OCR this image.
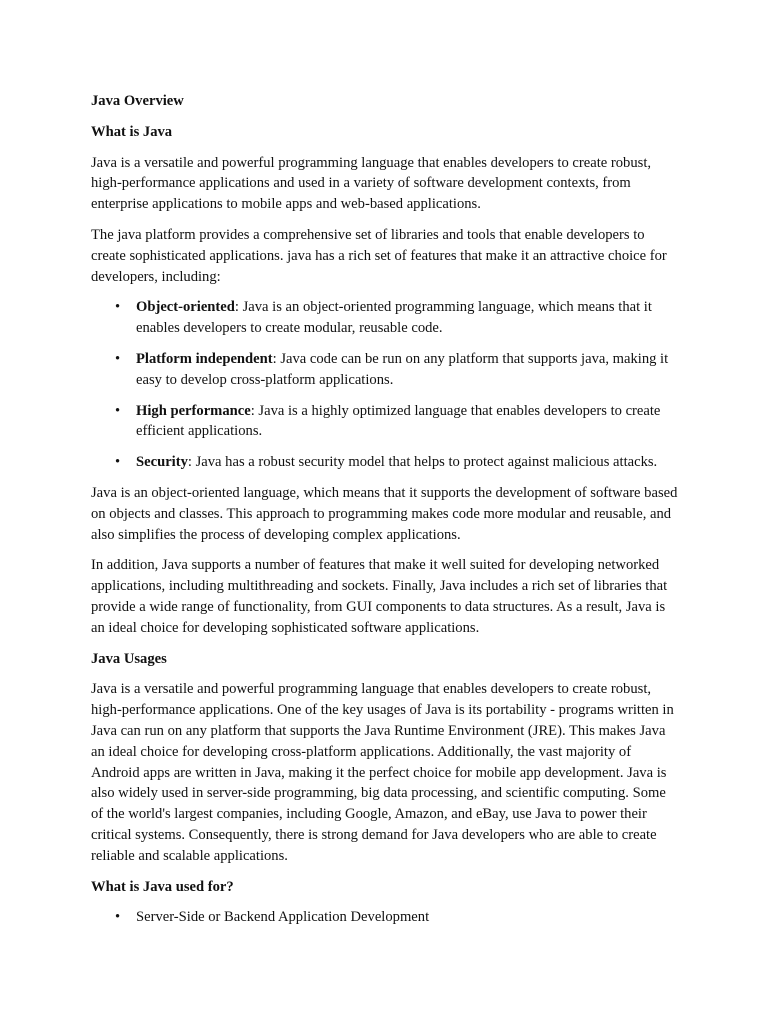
Java Overview

What is Java

Java is a versatile and powerful programming language that enables developers to create robust, high-performance applications and used in a variety of software development contexts, from enterprise applications to mobile apps and web-based applications.

The java platform provides a comprehensive set of libraries and tools that enable developers to create sophisticated applications. java has a rich set of features that make it an attractive choice for developers, including:

• Object-oriented: Java is an object-oriented programming language, which means that it enables developers to create modular, reusable code.
• Platform independent: Java code can be run on any platform that supports java, making it easy to develop cross-platform applications.
• High performance: Java is a highly optimized language that enables developers to create efficient applications.
• Security: Java has a robust security model that helps to protect against malicious attacks.

Java is an object-oriented language, which means that it supports the development of software based on objects and classes. This approach to programming makes code more modular and reusable, and also simplifies the process of developing complex applications.

In addition, Java supports a number of features that make it well suited for developing networked applications, including multithreading and sockets. Finally, Java includes a rich set of libraries that provide a wide range of functionality, from GUI components to data structures. As a result, Java is an ideal choice for developing sophisticated software applications.

Java Usages

Java is a versatile and powerful programming language that enables developers to create robust, high-performance applications. One of the key usages of Java is its portability - programs written in Java can run on any platform that supports the Java Runtime Environment (JRE). This makes Java an ideal choice for developing cross-platform applications. Additionally, the vast majority of Android apps are written in Java, making it the perfect choice for mobile app development. Java is also widely used in server-side programming, big data processing, and scientific computing. Some of the world's largest companies, including Google, Amazon, and eBay, use Java to power their critical systems. Consequently, there is strong demand for Java developers who are able to create reliable and scalable applications.

What is Java used for?

• Server-Side or Backend Application Development
